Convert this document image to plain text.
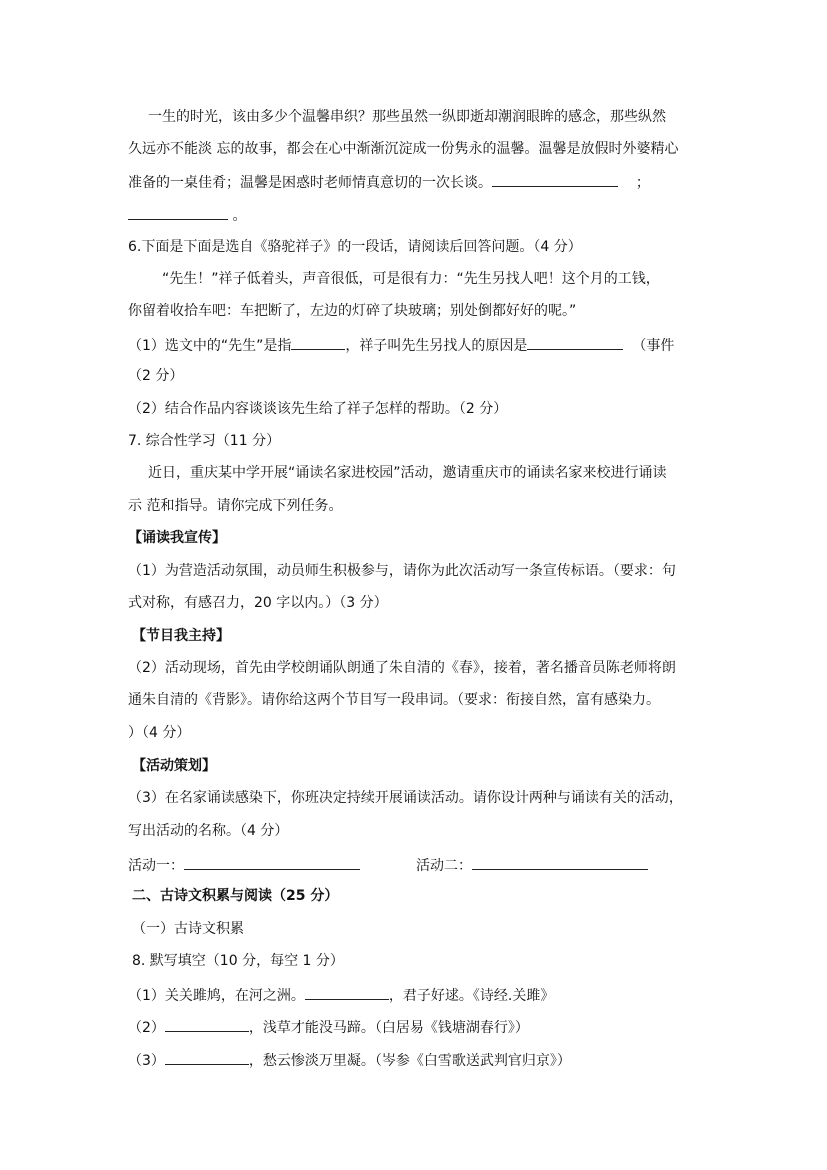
一生的时光，该由多少个温馨串织？那些虽然一纵即逝却潮润眼眸的感念，那些纵然
久远亦不能淡 忘的故事，都会在心中渐渐沉淀成一份隽永的温馨。温馨是放假时外婆精心
准备的一桌佳肴；温馨是困惑时老师情真意切的一次长谈。	；
。
6.下面是下面是选自《骆驼祥子》的一段话，请阅读后回答问题。（4 分）
“先生！”祥子低着头，声音很低，可是很有力：“先生另找人吧！这个月的工钱，
你留着收拾车吧：车把断了，左边的灯碎了块玻璃；别处倒都好好的呢。”
（1）选文中的“先生”是指	，祥子叫先生另找人的原因是	（事件
（2 分）
（2）结合作品内容谈谈该先生给了祥子怎样的帮助。（2 分）
7. 综合性学习（11 分）
近日，重庆某中学开展“诵读名家进校园”活动，邀请重庆市的诵读名家来校进行诵读
示 范和指导。请你完成下列任务。
【诵读我宣传】
（1）为营造活动氛围，动员师生积极参与，请你为此次活动写一条宣传标语。（要求：句
式对称，有感召力，20 字以内。）（3 分）
【节目我主持】
（2）活动现场，首先由学校朗诵队朗通了朱自清的《春》，接着，著名播音员陈老师将朗
通朱自清的《背影》。请你给这两个节目写一段串词。（要求：衔接自然，富有感染力。
）（4 分）
【活动策划】
（3）在名家诵读感染下，你班决定持续开展诵读活动。请你设计两种与诵读有关的活动，
写出活动的名称。（4 分）
活动一：	活动二：
二、古诗文积累与阅读（25 分）
（一）古诗文积累
8. 默写填空（10 分，每空 1 分）
（1）关关雎鸠，在河之洲。	，君子好逑。《诗经.关雎》
（2）	，浅草才能没马蹄。（白居易《钱塘湖春行》）
（3）	，愁云惨淡万里凝。（岑参《白雪歌送武判官归京》）
